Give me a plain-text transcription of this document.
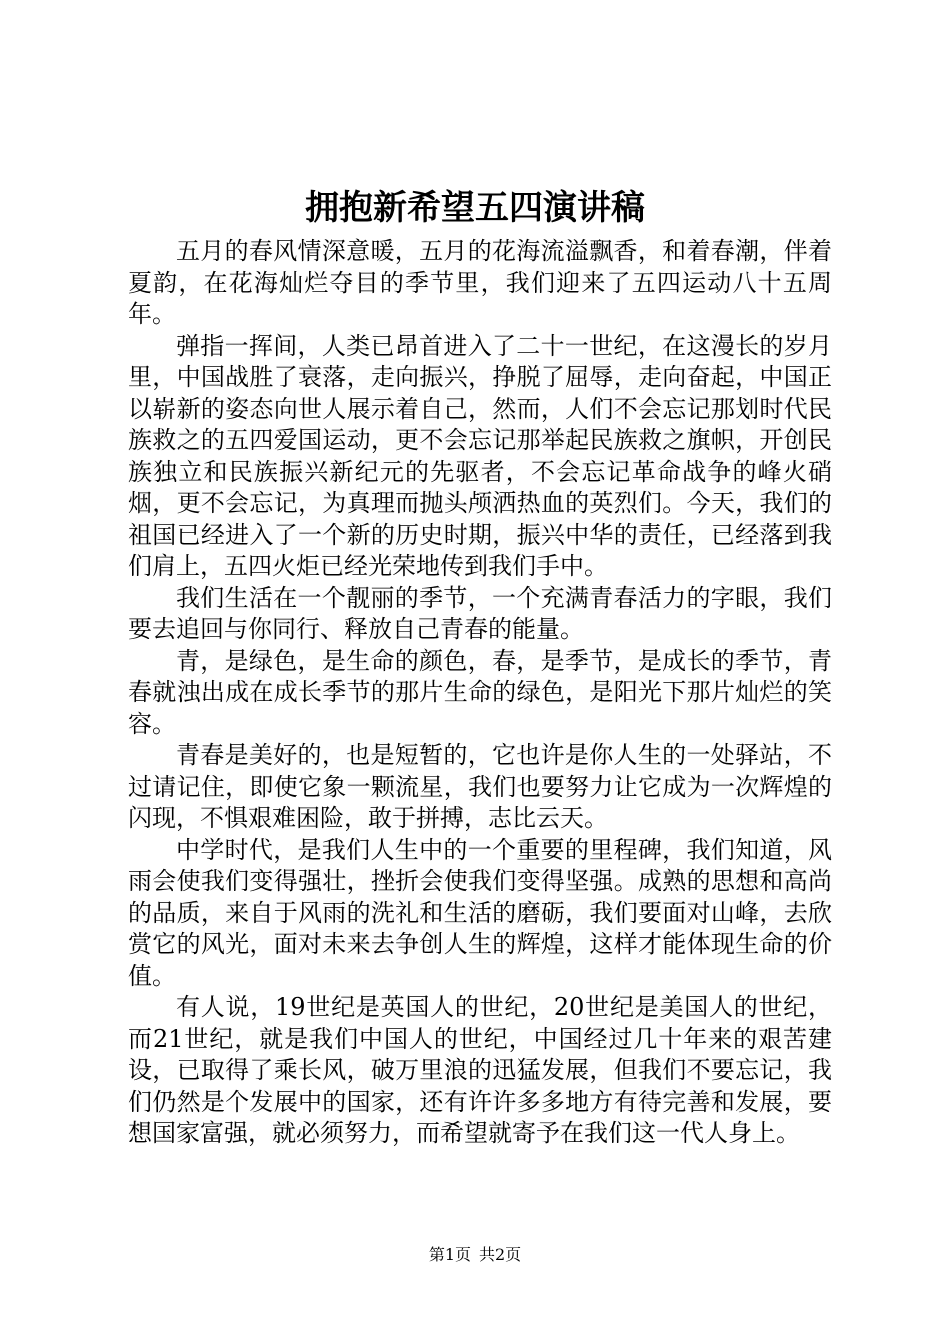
拥抱新希望五四演讲稿

五月的春风情深意暖，五月的花海流溢飘香，和着春潮，伴着夏韵，在花海灿烂夺目的季节里，我们迎来了五四运动八十五周年。

弹指一挥间，人类已昂首进入了二十一世纪，在这漫长的岁月里，中国战胜了衰落，走向振兴，挣脱了屈辱，走向奋起，中国正以崭新的姿态向世人展示着自己，然而，人们不会忘记那划时代民族救之的五四爱国运动，更不会忘记那举起民族救之旗帜，开创民族独立和民族振兴新纪元的先驱者，不会忘记革命战争的峰火硝烟，更不会忘记，为真理而抛头颅洒热血的英烈们。今天，我们的祖国已经进入了一个新的历史时期，振兴中华的责任，已经落到我们肩上，五四火炬已经光荣地传到我们手中。

我们生活在一个靓丽的季节，一个充满青春活力的字眼，我们要去追回与你同行、释放自己青春的能量。

青，是绿色，是生命的颜色，春，是季节，是成长的季节，青春就浊出成在成长季节的那片生命的绿色，是阳光下那片灿烂的笑容。

青春是美好的，也是短暂的，它也许是你人生的一处驿站，不过请记住，即使它象一颗流星，我们也要努力让它成为一次辉煌的闪现，不惧艰难困险，敢于拼搏，志比云天。

中学时代，是我们人生中的一个重要的里程碑，我们知道，风雨会使我们变得强壮，挫折会使我们变得坚强。成熟的思想和高尚的品质，来自于风雨的洗礼和生活的磨砺，我们要面对山峰，去欣赏它的风光，面对未来去争创人生的辉煌，这样才能体现生命的价值。

有人说，19世纪是英国人的世纪，20世纪是美国人的世纪，而21世纪，就是我们中国人的世纪，中国经过几十年来的艰苦建设，已取得了乘长风，破万里浪的迅猛发展，但我们不要忘记，我们仍然是个发展中的国家，还有许许多多地方有待完善和发展，要想国家富强，就必须努力，而希望就寄予在我们这一代人身上。

第1页 共2页
